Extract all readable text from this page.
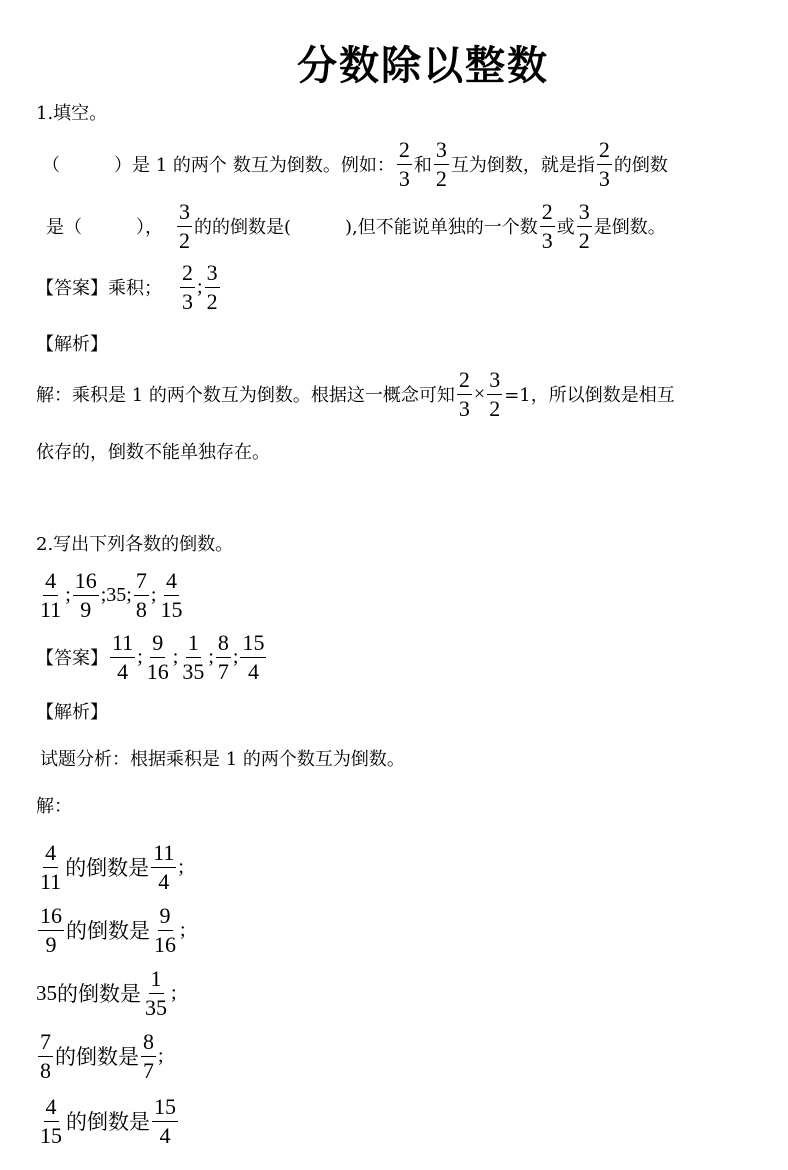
分数除以整数
1.填空。
（　　　）是 1 的两个 数互为倒数。 例如： $\frac{2}{3}$ 和 $\frac{3}{2}$ 互为倒数，就是指 $\frac{2}{3}$ 的倒数
是（　　　）， $\frac{3}{2}$ 的的倒数是(　　　),但不能说单独的一个数 $\frac{2}{3}$ 或 $\frac{3}{2}$ 是倒数。
【答案】 乘积； $\frac{2}{3}$ ; $\frac{3}{2}$
【解析】
解：乘积是 1 的两个数互为倒数。根据这一概念可知 $\frac{2}{3} \times \frac{3}{2} =1$，所以倒数是相互
依存的，倒数不能单独存在。
2.写出下列各数的倒数。
$\frac{4}{11}$ ; $\frac{16}{9}$ ;35; $\frac{7}{8}$ ; $\frac{4}{15}$
【答案】 $\frac{11}{4}$ ; $\frac{9}{16}$ ; $\frac{1}{35}$ ; $\frac{8}{7}$ ; $\frac{15}{4}$
【解析】
试题分析：根据乘积是 1 的两个数互为倒数。
解：
$\frac{4}{11}$ 的倒数是 $\frac{11}{4}$ ;
$\frac{16}{9}$ 的倒数是 $\frac{9}{16}$ ;
35 的倒数是 $\frac{1}{35}$ ;
$\frac{7}{8}$ 的倒数是 $\frac{8}{7}$ ;
$\frac{4}{15}$ 的倒数是 $\frac{15}{4}$
